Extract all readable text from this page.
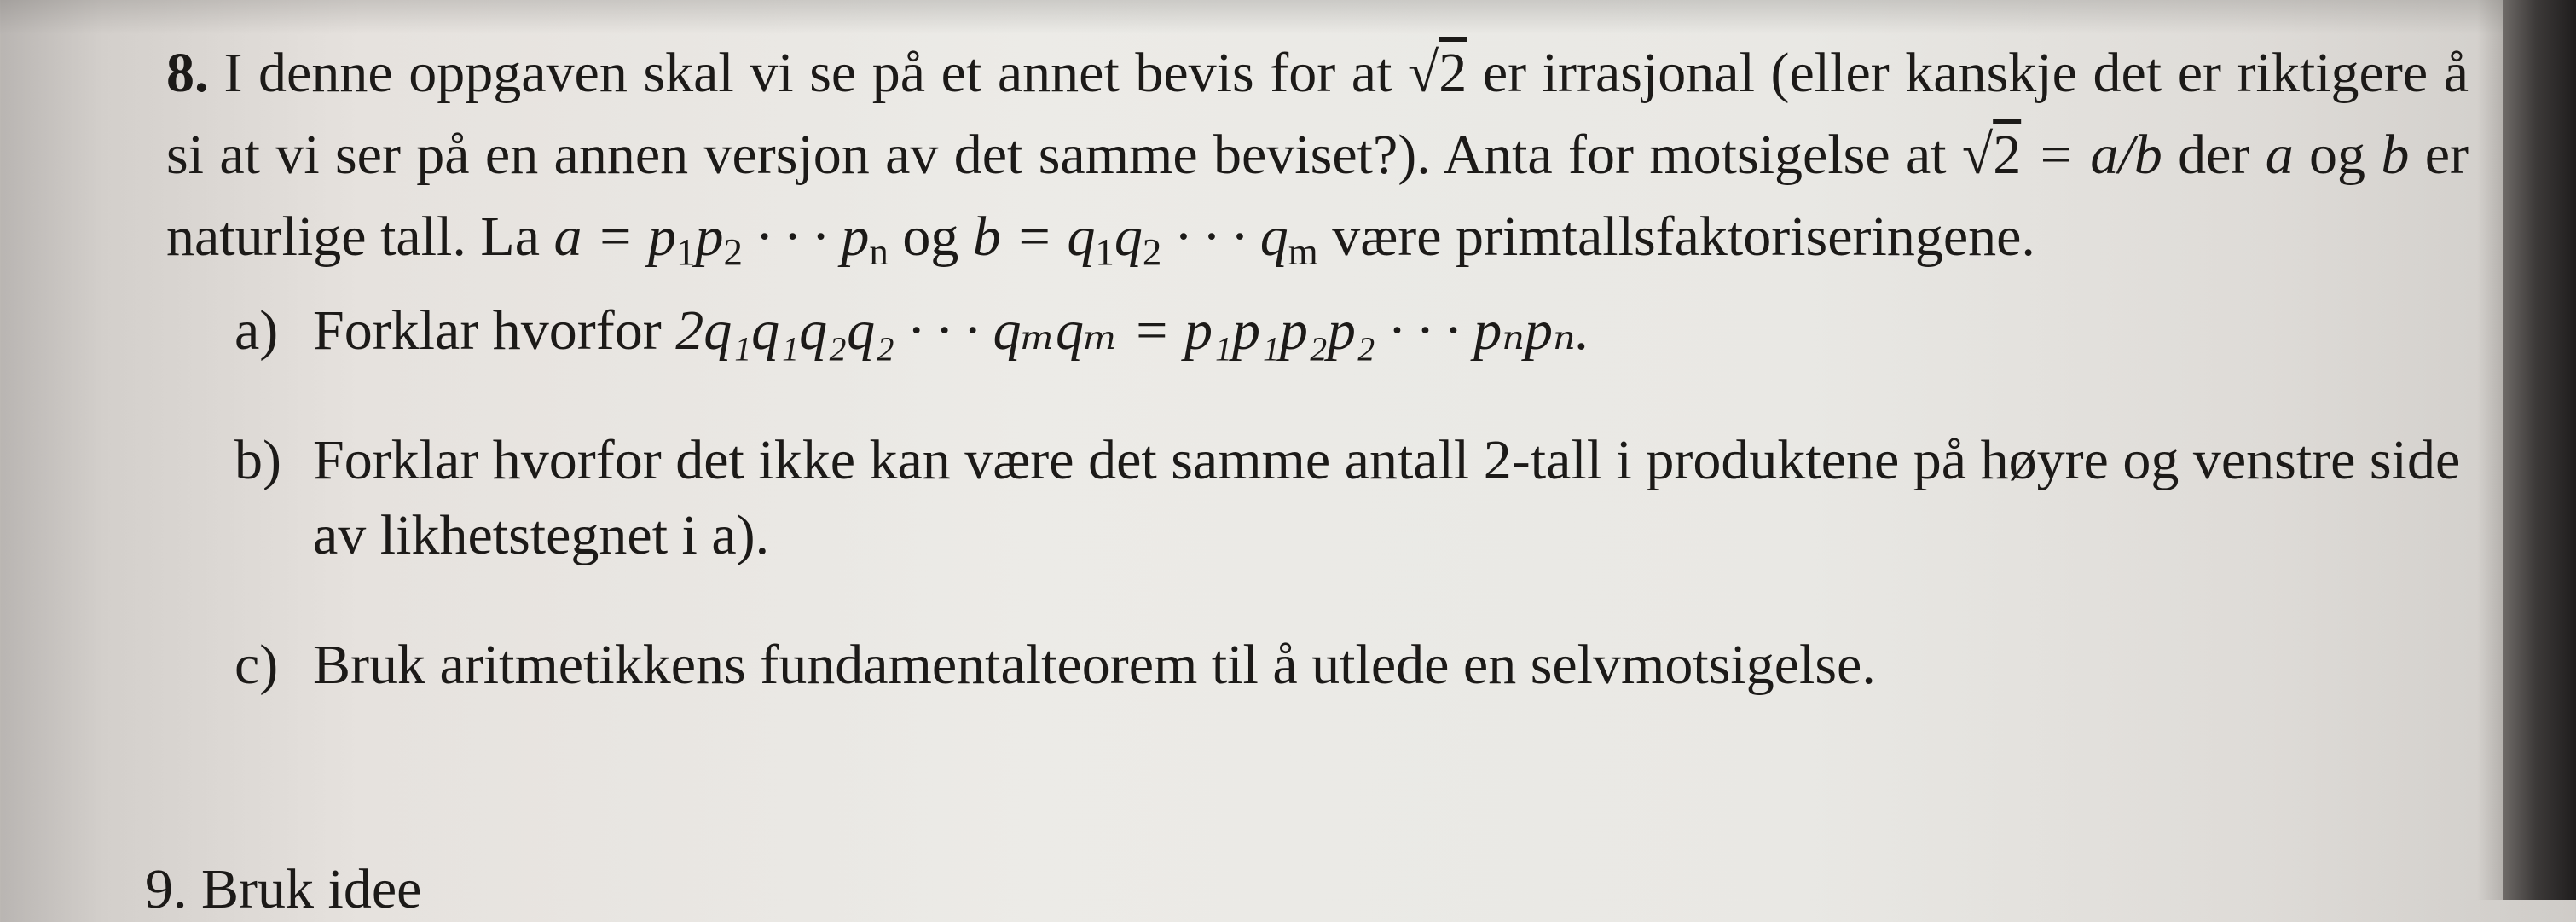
8. I denne oppgaven skal vi se på et annet bevis for at √2 er irrasjonal (eller kanskje det er riktigere å si at vi ser på en annen versjon av det samme beviset?). Anta for motsigelse at √2 = a/b der a og b er naturlige tall. La $a = p_1p_2$ · · · $p_n$ og $b = q_1q_2$ · · · $q_m$ være primtallsfaktoriseringene.
a) Forklar hvorfor 2q₁q₁q₂q₂ · · · qₘqₘ = p₁p₁p₂p₂ · · · pₙpₙ.
b) Forklar hvorfor det ikke kan være det samme antall 2-tall i produktene på høyre og venstre side av likhetstegnet i a).
c) Bruk aritmetikkens fundamentalteorem til å utlede en selvmotsigelse.
9. Bruk idee
